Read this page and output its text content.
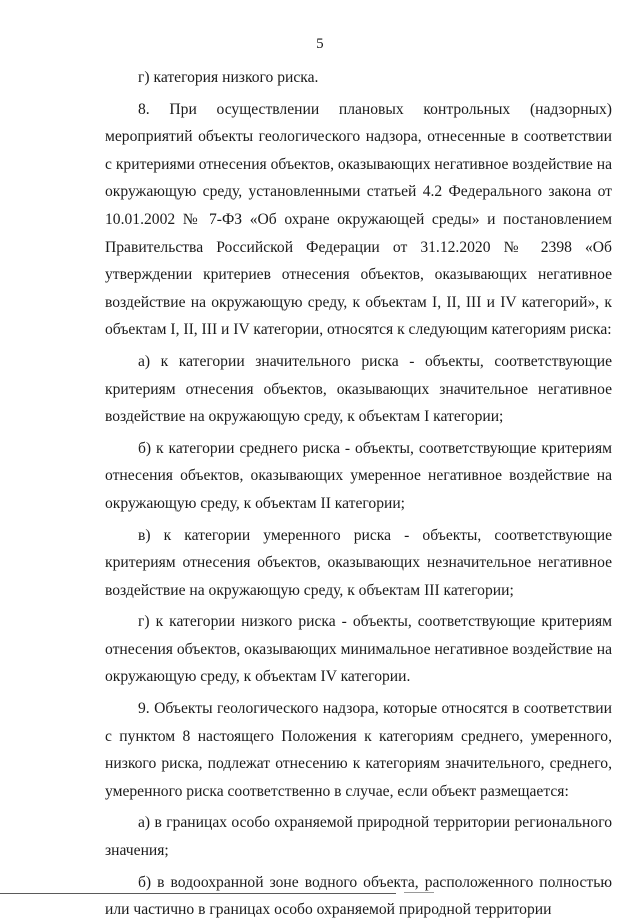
5

г) категория низкого риска.

8. При осуществлении плановых контрольных (надзорных) мероприятий объекты геологического надзора, отнесенные в соответствии с критериями отнесения объектов, оказывающих негативное воздействие на окружающую среду, установленными статьей 4.2 Федерального закона от 10.01.2002 № 7-ФЗ «Об охране окружающей среды» и постановлением Правительства Российской Федерации от 31.12.2020 № 2398 «Об утверждении критериев отнесения объектов, оказывающих негативное воздействие на окружающую среду, к объектам I, II, III и IV категорий», к объектам I, II, III и IV категории, относятся к следующим категориям риска:

а) к категории значительного риска - объекты, соответствующие критериям отнесения объектов, оказывающих значительное негативное воздействие на окружающую среду, к объектам I категории;

б) к категории среднего риска - объекты, соответствующие критериям отнесения объектов, оказывающих умеренное негативное воздействие на окружающую среду, к объектам II категории;

в) к категории умеренного риска - объекты, соответствующие критериям отнесения объектов, оказывающих незначительное негативное воздействие на окружающую среду, к объектам III категории;

г) к категории низкого риска - объекты, соответствующие критериям отнесения объектов, оказывающих минимальное негативное воздействие на окружающую среду, к объектам IV категории.

9. Объекты геологического надзора, которые относятся в соответствии с пунктом 8 настоящего Положения к категориям среднего, умеренного, низкого риска, подлежат отнесению к категориям значительного, среднего, умеренного риска соответственно в случае, если объект размещается:

а) в границах особо охраняемой природной территории регионального значения;

б) в водоохранной зоне водного объекта, расположенного полностью или частично в границах особо охраняемой природной территории
